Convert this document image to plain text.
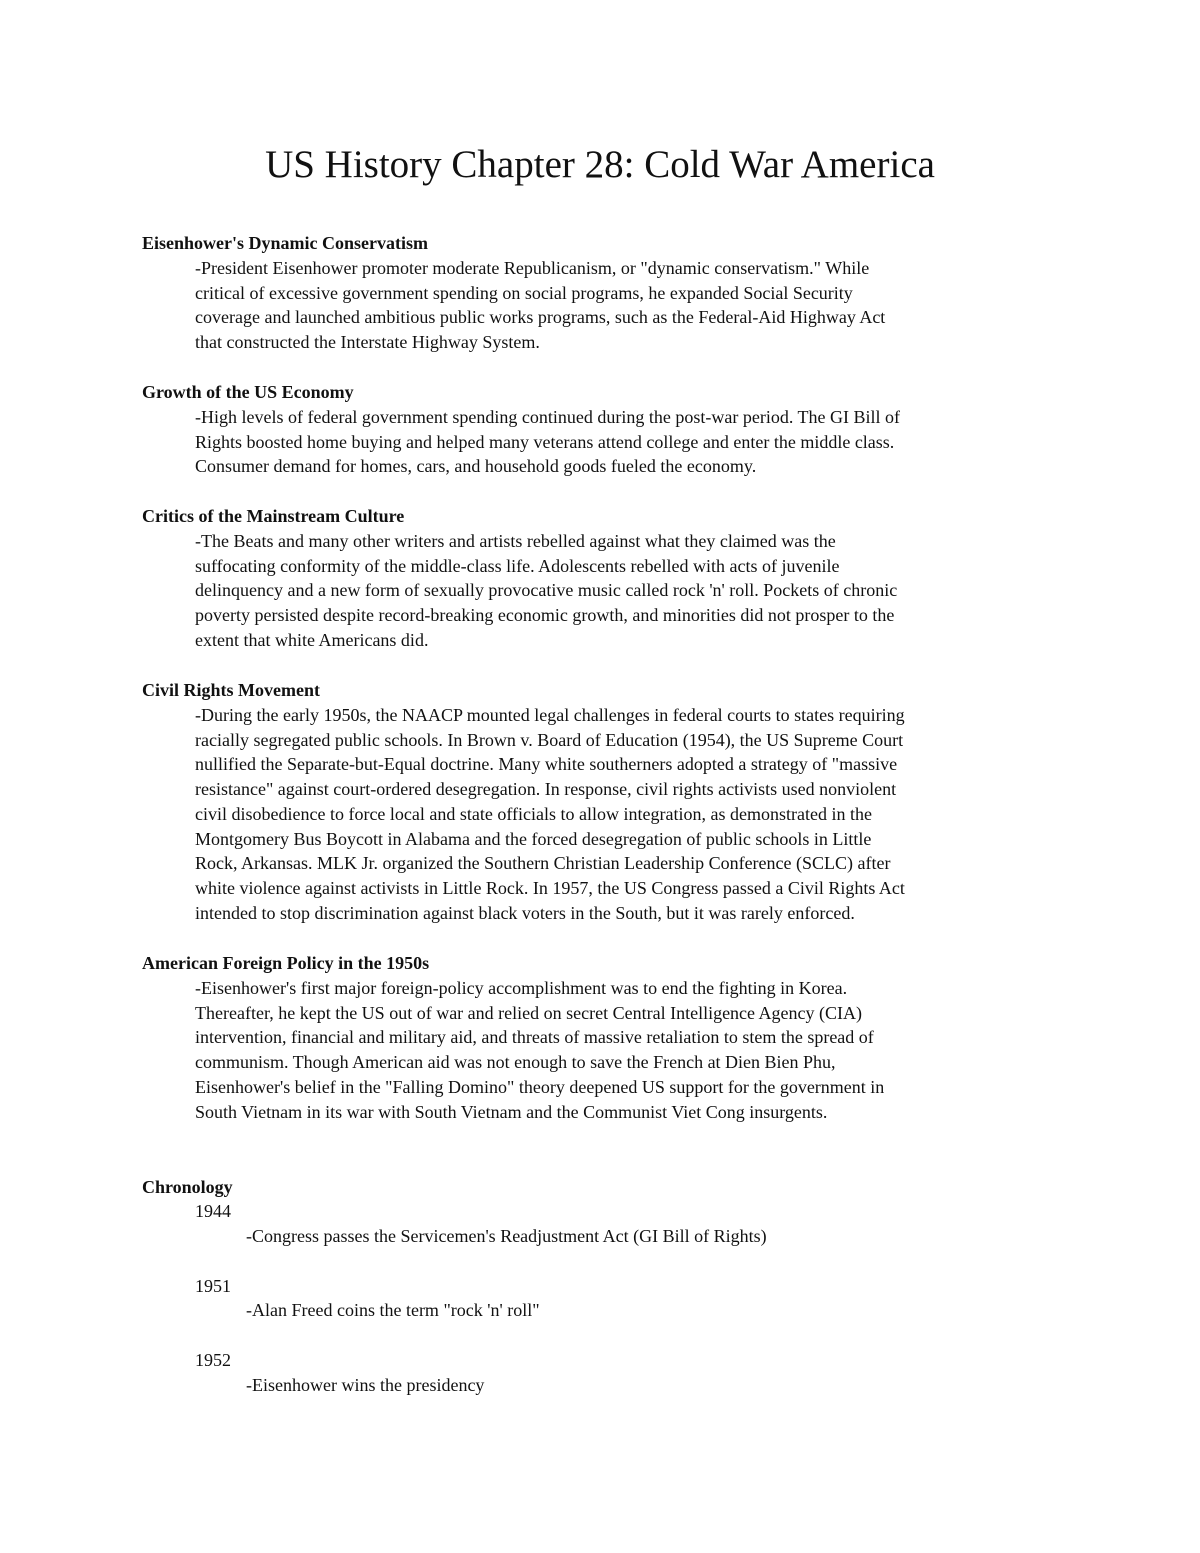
US History Chapter 28: Cold War America
Eisenhower's Dynamic Conservatism
-President Eisenhower promoter moderate Republicanism, or "dynamic conservatism." While
critical of excessive government spending on social programs, he expanded Social Security
coverage and launched ambitious public works programs, such as the Federal-Aid Highway Act
that constructed the Interstate Highway System.
Growth of the US Economy
-High levels of federal government spending continued during the post-war period. The GI Bill of
Rights boosted home buying and helped many veterans attend college and enter the middle class.
Consumer demand for homes, cars, and household goods fueled the economy.
Critics of the Mainstream Culture
-The Beats and many other writers and artists rebelled against what they claimed was the
suffocating conformity of the middle-class life. Adolescents rebelled with acts of juvenile
delinquency and a new form of sexually provocative music called rock 'n' roll. Pockets of chronic
poverty persisted despite record-breaking economic growth, and minorities did not prosper to the
extent that white Americans did.
Civil Rights Movement
-During the early 1950s, the NAACP mounted legal challenges in federal courts to states requiring
racially segregated public schools. In Brown v. Board of Education (1954), the US Supreme Court
nullified the Separate-but-Equal doctrine. Many white southerners adopted a strategy of "massive
resistance" against court-ordered desegregation. In response, civil rights activists used nonviolent
civil disobedience to force local and state officials to allow integration, as demonstrated in the
Montgomery Bus Boycott in Alabama and the forced desegregation of public schools in Little
Rock, Arkansas. MLK Jr. organized the Southern Christian Leadership Conference (SCLC) after
white violence against activists in Little Rock. In 1957, the US Congress passed a Civil Rights Act
intended to stop discrimination against black voters in the South, but it was rarely enforced.
American Foreign Policy in the 1950s
-Eisenhower's first major foreign-policy accomplishment was to end the fighting in Korea.
Thereafter, he kept the US out of war and relied on secret Central Intelligence Agency (CIA)
intervention, financial and military aid, and threats of massive retaliation to stem the spread of
communism. Though American aid was not enough to save the French at Dien Bien Phu,
Eisenhower's belief in the "Falling Domino" theory deepened US support for the government in
South Vietnam in its war with South Vietnam and the Communist Viet Cong insurgents.
Chronology
1944
-Congress passes the Servicemen's Readjustment Act (GI Bill of Rights)
1951
-Alan Freed coins the term "rock 'n' roll"
1952
-Eisenhower wins the presidency
